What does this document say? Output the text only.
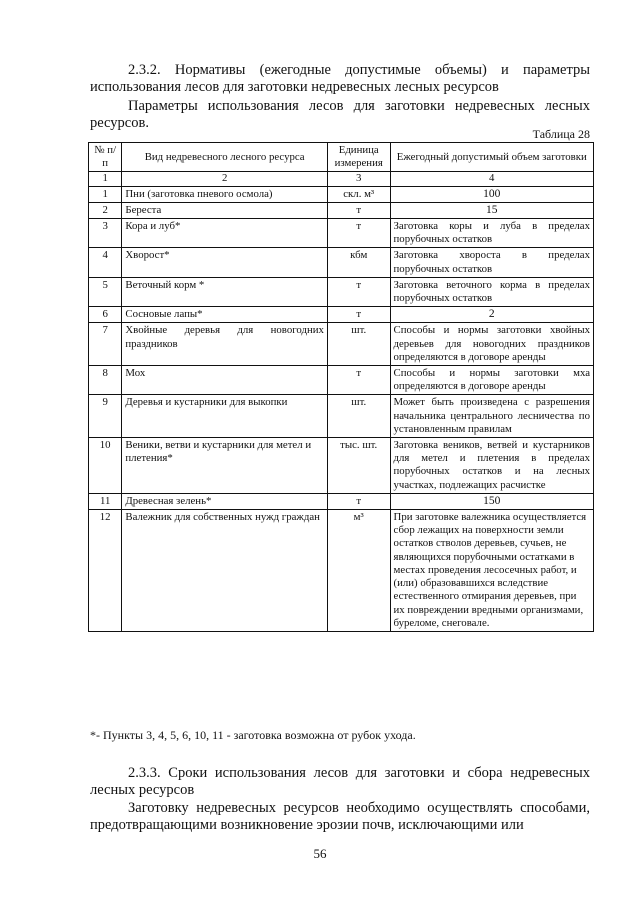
2.3.2. Нормативы (ежегодные допустимые объемы) и параметры использования лесов для заготовки недревесных лесных ресурсов
Параметры использования лесов для заготовки недревесных лесных ресурсов.
Таблица 28
№ п/п	Вид недревесного лесного ресурса	Единица измерения	Ежегодный допустимый объем заготовки
1	2	3	4
1	Пни (заготовка пневого осмола)	скл. м³	100
2	Береста	т	15
3	Кора и луб*	т	Заготовка коры и луба в пределах порубочных остатков
4	Хворост*	кбм	Заготовка хвороста в пределах порубочных остатков
5	Веточный корм *	т	Заготовка веточного корма в пределах порубочных остатков
6	Сосновые лапы*	т	2
7	Хвойные деревья для новогодних праздников	шт.	Способы и нормы заготовки хвойных деревьев для новогодних праздников определяются в договоре аренды
8	Мох	т	Способы и нормы заготовки мха определяются в договоре аренды
9	Деревья и кустарники для выкопки	шт.	Может быть произведена с разрешения начальника центрального лесничества по установленным правилам
10	Веники, ветви и кустарники для метел и плетения*	тыс. шт.	Заготовка веников, ветвей и кустарников для метел и плетения в пределах порубочных остатков и на лесных участках, подлежащих расчистке
11	Древесная зелень*	т	150
12	Валежник для собственных нужд граждан	м³	При заготовке валежника осуществляется сбор лежащих на поверхности земли остатков стволов деревьев, сучьев, не являющихся порубочными остатками в местах проведения лесосечных работ, и (или) образовавшихся вследствие естественного отмирания деревьев, при их повреждении вредными организмами, буреломе, снеговале.
*- Пункты 3, 4, 5, 6, 10, 11 - заготовка возможна от рубок ухода.
2.3.3. Сроки использования лесов для заготовки и сбора недревесных лесных ресурсов
Заготовку недревесных ресурсов необходимо осуществлять способами, предотвращающими возникновение эрозии почв, исключающими или
56
